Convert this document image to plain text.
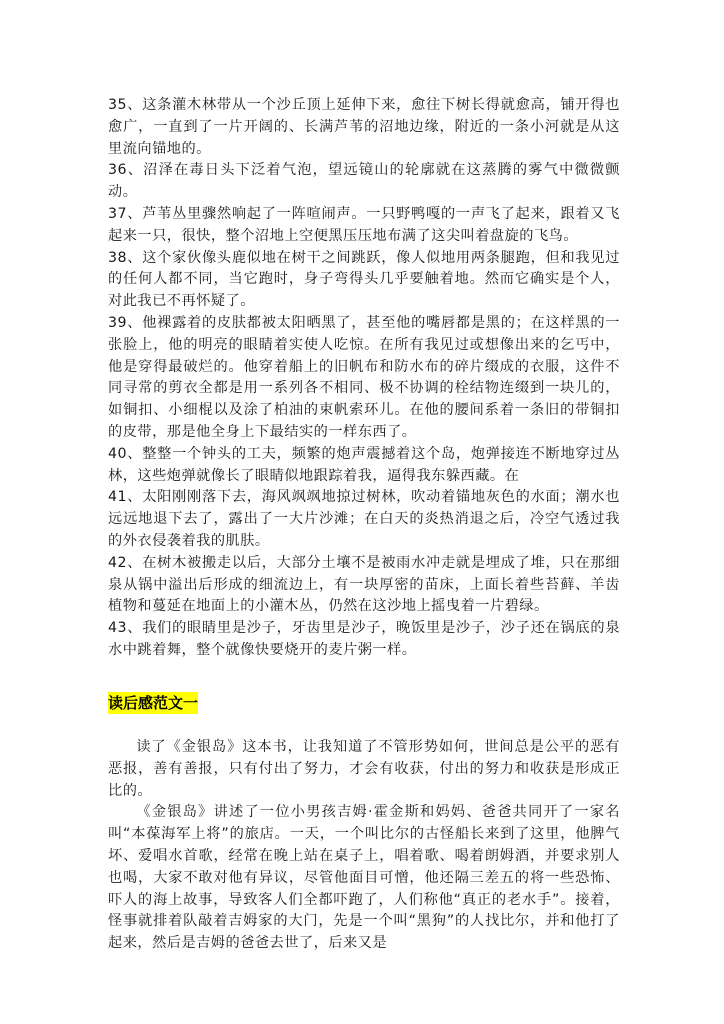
35、这条灌木林带从一个沙丘顶上延伸下来，愈往下树长得就愈高，铺开得也愈广，一直到了一片开阔的、长满芦苇的沼地边缘，附近的一条小河就是从这里流向锚地的。

36、沼泽在毒日头下泛着气泡，望远镜山的轮廓就在这蒸腾的雾气中微微颤动。

37、芦苇丛里骤然响起了一阵喧闹声。一只野鸭嘎的一声飞了起来，跟着又飞起来一只，很快，整个沼地上空便黑压压地布满了这尖叫着盘旋的飞鸟。

38、这个家伙像头鹿似地在树干之间跳跃，像人似地用两条腿跑，但和我见过的任何人都不同，当它跑时，身子弯得头几乎要触着地。然而它确实是个人，对此我已不再怀疑了。

39、他裸露着的皮肤都被太阳晒黑了，甚至他的嘴唇都是黑的；在这样黑的一张脸上，他的明亮的眼睛着实使人吃惊。在所有我见过或想像出来的乞丐中，他是穿得最破烂的。他穿着船上的旧帆布和防水布的碎片缀成的衣服，这件不同寻常的剪衣全都是用一系列各不相同、极不协调的栓结物连缀到一块儿的，如铜扣、小细棍以及涂了柏油的束帆索环儿。在他的腰间系着一条旧的带铜扣的皮带，那是他全身上下最结实的一样东西了。

40、整整一个钟头的工夫，频繁的炮声震撼着这个岛，炮弹接连不断地穿过丛林，这些炮弹就像长了眼睛似地跟踪着我，逼得我东躲西藏。在

41、太阳刚刚落下去，海风飒飒地掠过树林，吹动着锚地灰色的水面；潮水也远远地退下去了，露出了一大片沙滩；在白天的炎热消退之后，冷空气透过我的外衣侵袭着我的肌肤。

42、在树木被搬走以后，大部分土壤不是被雨水冲走就是埋成了堆，只在那细泉从锅中溢出后形成的细流边上，有一块厚密的苗床，上面长着些苔藓、羊齿植物和蔓延在地面上的小灌木丛，仍然在这沙地上摇曳着一片碧绿。

43、我们的眼睛里是沙子，牙齿里是沙子，晚饭里是沙子，沙子还在锅底的泉水中跳着舞，整个就像快要烧开的麦片粥一样。

读后感范文一

读了《金银岛》这本书，让我知道了不管形势如何，世间总是公平的恶有恶报，善有善报，只有付出了努力，才会有收获，付出的努力和收获是形成正比的。

《金银岛》讲述了一位小男孩吉姆·霍金斯和妈妈、爸爸共同开了一家名叫“本葆海军上将”的旅店。一天，一个叫比尔的古怪船长来到了这里，他脾气坏、爱唱水首歌，经常在晚上站在桌子上，唱着歌、喝着朗姆酒，并要求别人也喝，大家不敢对他有异议，尽管他面目可憎，他还隔三差五的将一些恐怖、吓人的海上故事，导致客人们全都吓跑了，人们称他“真正的老水手”。接着，怪事就排着队敲着吉姆家的大门，先是一个叫“黑狗”的人找比尔，并和他打了起来，然后是吉姆的爸爸去世了，后来又是
